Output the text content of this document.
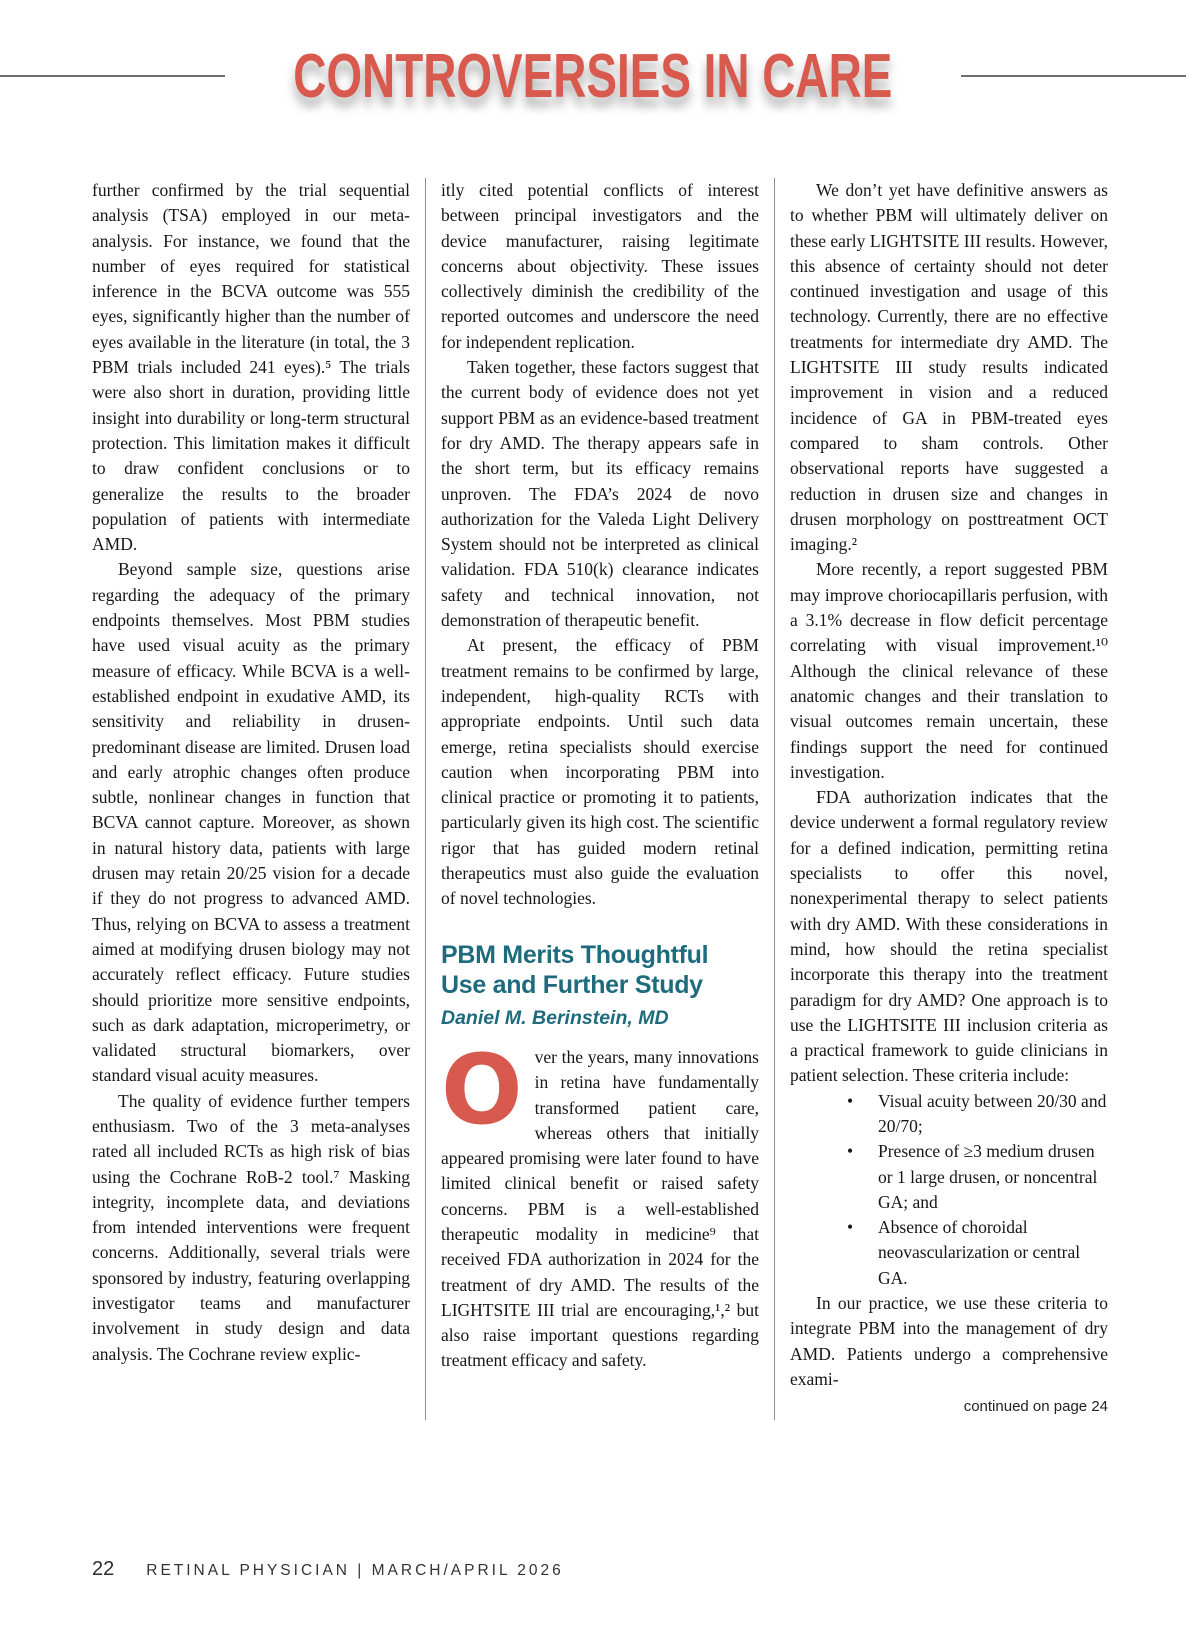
CONTROVERSIES IN CARE

further confirmed by the trial sequential analysis (TSA) employed in our meta-analysis. For instance, we found that the number of eyes required for statistical inference in the BCVA outcome was 555 eyes, significantly higher than the number of eyes available in the literature (in total, the 3 PBM trials included 241 eyes).⁵ The trials were also short in duration, providing little insight into durability or long-term structural protection. This limitation makes it difficult to draw confident conclusions or to generalize the results to the broader population of patients with intermediate AMD.

Beyond sample size, questions arise regarding the adequacy of the primary endpoints themselves. Most PBM studies have used visual acuity as the primary measure of efficacy. While BCVA is a well-established endpoint in exudative AMD, its sensitivity and reliability in drusen-predominant disease are limited. Drusen load and early atrophic changes often produce subtle, nonlinear changes in function that BCVA cannot capture. Moreover, as shown in natural history data, patients with large drusen may retain 20/25 vision for a decade if they do not progress to advanced AMD. Thus, relying on BCVA to assess a treatment aimed at modifying drusen biology may not accurately reflect efficacy. Future studies should prioritize more sensitive endpoints, such as dark adaptation, microperimetry, or validated structural biomarkers, over standard visual acuity measures.

The quality of evidence further tempers enthusiasm. Two of the 3 meta-analyses rated all included RCTs as high risk of bias using the Cochrane RoB-2 tool.⁷ Masking integrity, incomplete data, and deviations from intended interventions were frequent concerns. Additionally, several trials were sponsored by industry, featuring overlapping investigator teams and manufacturer involvement in study design and data analysis. The Cochrane review explic-

itly cited potential conflicts of interest between principal investigators and the device manufacturer, raising legitimate concerns about objectivity. These issues collectively diminish the credibility of the reported outcomes and underscore the need for independent replication.

Taken together, these factors suggest that the current body of evidence does not yet support PBM as an evidence-based treatment for dry AMD. The therapy appears safe in the short term, but its efficacy remains unproven. The FDA’s 2024 de novo authorization for the Valeda Light Delivery System should not be interpreted as clinical validation. FDA 510(k) clearance indicates safety and technical innovation, not demonstration of therapeutic benefit.

At present, the efficacy of PBM treatment remains to be confirmed by large, independent, high-quality RCTs with appropriate endpoints. Until such data emerge, retina specialists should exercise caution when incorporating PBM into clinical practice or promoting it to patients, particularly given its high cost. The scientific rigor that has guided modern retinal therapeutics must also guide the evaluation of novel technologies.

PBM Merits Thoughtful Use and Further Study
Daniel M. Berinstein, MD

Over the years, many innovations in retina have fundamentally transformed patient care, whereas others that initially appeared promising were later found to have limited clinical benefit or raised safety concerns. PBM is a well-established therapeutic modality in medicine⁹ that received FDA authorization in 2024 for the treatment of dry AMD. The results of the LIGHTSITE III trial are encouraging,¹,² but also raise important questions regarding treatment efficacy and safety.

We don’t yet have definitive answers as to whether PBM will ultimately deliver on these early LIGHTSITE III results. However, this absence of certainty should not deter continued investigation and usage of this technology. Currently, there are no effective treatments for intermediate dry AMD. The LIGHTSITE III study results indicated improvement in vision and a reduced incidence of GA in PBM-treated eyes compared to sham controls. Other observational reports have suggested a reduction in drusen size and changes in drusen morphology on posttreatment OCT imaging.²

More recently, a report suggested PBM may improve choriocapillaris perfusion, with a 3.1% decrease in flow deficit percentage correlating with visual improvement.¹⁰ Although the clinical relevance of these anatomic changes and their translation to visual outcomes remain uncertain, these findings support the need for continued investigation.

FDA authorization indicates that the device underwent a formal regulatory review for a defined indication, permitting retina specialists to offer this novel, nonexperimental therapy to select patients with dry AMD. With these considerations in mind, how should the retina specialist incorporate this therapy into the treatment paradigm for dry AMD? One approach is to use the LIGHTSITE III inclusion criteria as a practical framework to guide clinicians in patient selection. These criteria include:

• Visual acuity between 20/30 and 20/70;
• Presence of ≥3 medium drusen or 1 large drusen, or noncentral GA; and
• Absence of choroidal neovascularization or central GA.

In our practice, we use these criteria to integrate PBM into the management of dry AMD. Patients undergo a comprehensive exami-

continued on page 24
22 RETINAL PHYSICIAN | MARCH/APRIL 2026
